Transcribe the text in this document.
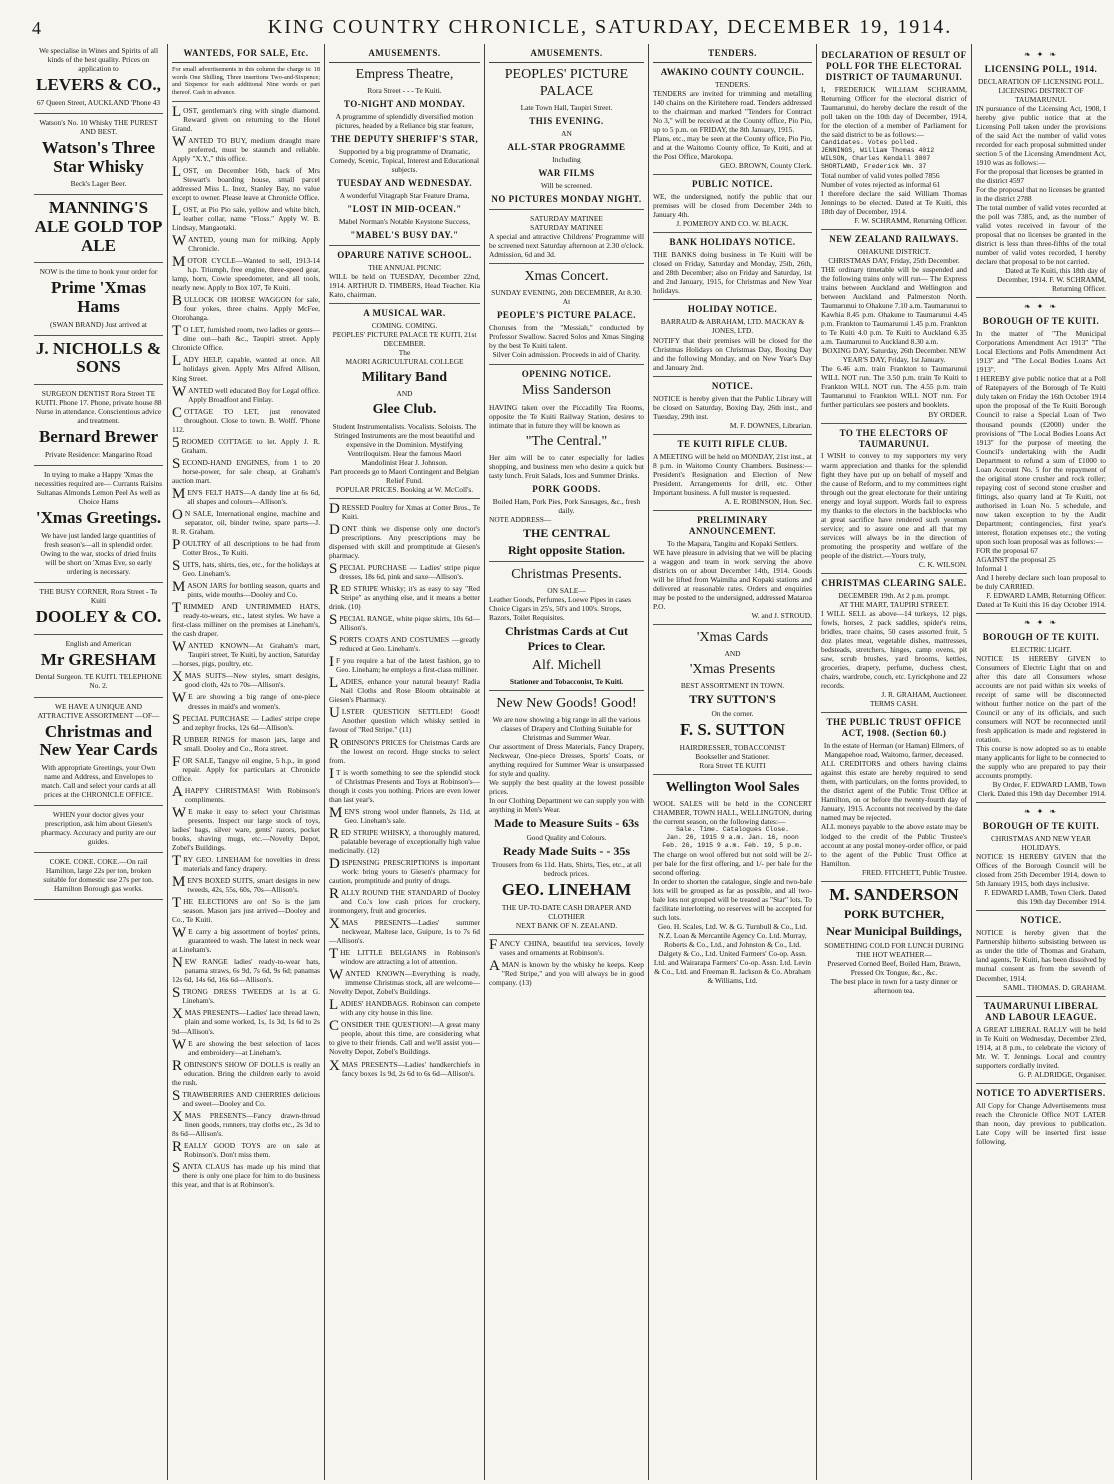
4	KING COUNTRY CHRONICLE, SATURDAY, DECEMBER 19, 1914.
We specialise in Wines and Spirits of all kinds of the best quality. Prices on application to
LEVERS & CO.,
67 Queen Street, AUCKLAND 'Phone 43
Watson's No. 10 Whisky THE PUREST AND BEST.
Watson's Three Star Whisky
Beck's Lager Beer.
MANNING'S ALE GOLD TOP ALE
NOW is the time to book your order for
Prime 'Xmas Hams
(SWAN BRAND) Just arrived at
J. NICHOLLS & SONS
SURGEON DENTIST Rora Street TE KUITI. Phone 17. Phone, private house 88 Nurse in attendance. Conscientious advice and treatment.
Bernard Brewer
Private Residence: Mangarino Road
In trying to make a Happy 'Xmas the necessities required are— Currants Raisins Sultanas Almonds Lemon Peel As well as Choice Hams
'Xmas Greetings.
We have just landed large quantities of fresh season's—all in splendid order. Owing to the war, stocks of dried fruits will be short on 'Xmas Eve, so early ordering is necessary.
THE BUSY CORNER, Rora Street - Te Kuiti
DOOLEY & CO.
English and American
Mr GRESHAM
Dental Surgeon. TE KUITI. TELEPHONE No. 2.
WE HAVE A UNIQUE AND ATTRACTIVE ASSORTMENT —OF—
Christmas and New Year Cards
With appropriate Greetings, your Own name and Address, and Envelopes to match. Call and select your cards at all prices at the CHRONICLE OFFICE.
WHEN your doctor gives your prescription, ask him about Giesen's pharmacy. Accuracy and purity are our guides.
COKE. COKE. COKE.—On rail Hamilton, large 22s per ton, broken suitable for domestic use 27s per ton. Hamilton Borough gas works.
WANTEDS, FOR SALE, Etc.
For small advertisements in this column the charge is: 18 words One Shilling, Three insertions Two-and-Sixpence; and Sixpence for each additional Nine words or part thereof. Cash in advance.
LOST, gentleman's ring with single diamond. Reward given on returning to the Hotel Grand.
WANTED TO BUY, medium draught mare preferred, must be staunch and reliable. Apply "X.Y.," this office.
LOST, on December 16th, back of Mrs Stewart's boarding house, small parcel addressed Miss L. Inez, Stanley Bay, no value except to owner. Please leave at Chronicle Office.
LOST, at Pio Pio sale, yellow and white bitch, leather collar, name "Floss." Apply W. B. Lindsay, Mangaotaki.
WANTED, young man for milking. Apply Chronicle.
MOTOR CYCLE—Wanted to sell, 1913-14 h.p. Triumph, free engine, three-speed gear, lamp, horn, Cowie speedometer, and all tools, nearly new. Apply to Box 107, Te Kuiti.
BULLOCK OR HORSE WAGGON for sale, four yokes, three chains. Apply McFee, Otorohanga.
TO LET, furnished room, two ladies or gents—dine out—bath &c., Taupiri street. Apply Chronicle Office.
LADY HELP, capable, wanted at once. All holidays given. Apply Mrs Alfred Allison, King Street.
WANTED well educated Boy for Legal office. Apply Broadfoot and Finlay.
COTTAGE TO LET, just renovated throughout. Close to town. B. Wolff. 'Phone 112.
5ROOMED COTTAGE to let. Apply J. R. Graham.
SECOND-HAND ENGINES, from 1 to 20 horse-power, for sale cheap, at Graham's auction mart.
MEN'S FELT HATS—A dandy line at 6s 6d, all shapes and colours—Allison's.
ON SALE, International engine, machine and separator, oil, binder twine, spare parts—J. R. R. Graham.
POULTRY of all descriptions to be had from Cotter Bros., Te Kuiti.
SUITS, hats, shirts, ties, etc., for the holidays at Geo. Lineham's.
MASON JARS for bottling season, quarts and pints, wide mouths—Dooley and Co.
TRIMMED AND UNTRIMMED HATS, ready-to-wears, etc., latest styles. We have a first-class milliner on the premises at Lineham's, the cash draper.
WANTED KNOWN—At Graham's mart, Taupiri street, Te Kuiti, by auction, Saturday—horses, pigs, poultry, etc.
XMAS SUITS—New styles, smart designs, good cloth, 42s to 70s—Allison's.
WE are showing a big range of one-piece dresses in maid's and women's.
SPECIAL PURCHASE — Ladies' stripe crepe and zephyr frocks, 12s 6d—Allison's.
RUBBER RINGS for mason jars, large and small. Dooley and Co., Rora street.
FOR SALE, Tangye oil engine, 5 h.p., in good repair. Apply for particulars at Chronicle Office.
AHAPPY CHRISTMAS! With Robinson's compliments.
WE make it easy to select your Christmas presents. Inspect our large stock of toys, ladies' bags, silver ware, gents' razors, pocket books, shaving mugs, etc.—Novelty Depot, Zobel's Buildings.
TRY GEO. LINEHAM for novelties in dress materials and fancy drapery.
MEN'S BOXED SUITS, smart designs in new tweeds, 42s, 55s, 60s, 70s—Allison's.
THE ELECTIONS are on! So is the jam season. Mason jars just arrived—Dooley and Co., Te Kuiti.
WE carry a big assortment of boyles' prints, guaranteed to wash. The latest in neck wear at Lineham's.
NEW RANGE ladies' ready-to-wear hats, panama straws, 6s 9d, 7s 6d, 9s 6d; panamas 12s 6d, 14s 6d, 16s 6d—Allison's.
STRONG DRESS TWEEDS at 1s at G. Lineham's.
XMAS PRESENTS—Ladies' lace thread lawn, plain and some worked, 1s, 1s 3d, 1s 6d to 2s 9d—Allison's.
WE are showing the best selection of laces and embroidery—at Lineham's.
ROBINSON'S SHOW OF DOLLS is really an education. Bring the children early to avoid the rush.
STRAWBERRIES AND CHERRIES delicious and sweet—Dooley and Co.
XMAS PRESENTS—Fancy drawn-thread linen goods, runners, tray cloths etc., 2s 3d to 8s 6d—Allison's.
REALLY GOOD TOYS are on sale at Robinson's. Don't miss them.
SANTA CLAUS has made up his mind that there is only one place for him to do business this year, and that is at Robinson's.
AMUSEMENTS.
Empress Theatre,
Rora Street - - - Te Kuiti.
TO-NIGHT AND MONDAY.
A programme of splendidly diversified motion pictures, headed by a Reliance big star feature,
THE DEPUTY SHERIFF'S STAR,
Supported by a big programme of Dramatic, Comedy, Scenic, Topical, Interest and Educational subjects.
TUESDAY AND WEDNESDAY.
A wonderful Vitagraph Star Feature Drama,
"LOST IN MID-OCEAN."
Mabel Norman's Notable Keystone Success,
"MABEL'S BUSY DAY."
OPARURE NATIVE SCHOOL.
THE ANNUAL PICNIC
WILL be held on TUESDAY, December 22nd, 1914. ARTHUR D. TIMBERS, Head Teacher. Kia Kato, chairman.
A MUSICAL WAR.
COMING. COMING.
PEOPLES' PICTURE PALACE TE KUITI, 21st DECEMBER.
The
MAORI AGRICULTURAL COLLEGE
Military Band
AND
Glee Club.
Student Instrumentalists. Vocalists. Soloists. The Stringed Instruments are the most beautiful and expensive in the Dominion. Mystifying Ventriloquism. Hear the famous Maori Mandolinist Hear J. Johnson.
Part proceeds go to Maori Contingent and Belgian Relief Fund.
POPULAR PRICES. Booking at W. McColl's.
DRESSED Poultry for Xmas at Cotter Bros., Te Kuiti.
DONT think we dispense only one doctor's prescriptions. Any prescriptions may be dispensed with skill and promptitude at Giesen's pharmacy.
SPECIAL PURCHASE — Ladies' stripe pique dresses, 18s 6d, pink and saxe—Allison's.
RED STRIPE Whisky; it's as easy to say "Red Stripe" as anything else, and it means a better drink. (10)
SPECIAL RANGE, white pique skirts, 10s 6d—Allison's.
SPORTS COATS AND COSTUMES —greatly reduced at Geo. Lineham's.
IF you require a hat of the latest fashion, go to Geo. Lineham; he employs a first-class milliner.
LADIES, enhance your natural beauty! Radia Nail Cloths and Rose Bloom obtainable at Giesen's Pharmacy.
ULSTER QUESTION SETTLED! Good! Another question which whisky settled in favour of "Red Stripe." (11)
ROBINSON'S PRICES for Christmas Cards are the lowest on record. Huge stocks to select from.
IT is worth something to see the splendid stock of Christmas Presents and Toys at Robinson's—though it costs you nothing. Prices are even lower than last year's.
MEN'S strong wool under flannels, 2s 11d, at Geo. Lineham's sale.
RED STRIPE WHISKY, a thoroughly matured, palatable beverage of exceptionally high value medicinally. (12)
DISPENSING PRESCRIPTIONS is important work: bring yours to Giesen's pharmacy for caution, promptitude and purity of drugs.
RALLY ROUND THE STANDARD of Dooley and Co.'s low cash prices for crockery, ironmongery, fruit and groceries.
XMAS PRESENTS—Ladies' summer neckwear, Maltese lace, Guipure, 1s to 7s 6d—Allison's.
THE LITTLE BELGIANS in Robinson's window are attracting a lot of attention.
WANTED KNOWN—Everything is ready, immense Christmas stock, all are welcome—Novelty Depot, Zobel's Buildings.
LADIES' HANDBAGS. Robinson can compete with any city house in this line.
CONSIDER THE QUESTION!—A great many people, about this time, are considering what to give to their friends. Call and we'll assist you—Novelty Depot, Zobel's Buildings.
XMAS PRESENTS—Ladies' handkerchiefs in fancy boxes 1s 9d, 2s 6d to 6s 6d—Allison's.
AMUSEMENTS.
PEOPLES' PICTURE PALACE
Late Town Hall, Taupiri Street.
THIS EVENING.
AN
ALL-STAR PROGRAMME
Including
WAR FILMS
Will be screened.
NO PICTURES MONDAY NIGHT.
SATURDAY MATINEE
SATURDAY MATINEE
A special and attractive Childrens' Programme will be screened next Saturday afternoon at 2.30 o'clock. Admission, 6d and 3d.
Xmas Concert.
SUNDAY EVENING, 20th DECEMBER, At 8.30. At
PEOPLE'S PICTURE PALACE.
Choruses from the "Messiah," conducted by Professor Swallow. Sacred Solos and Xmas Singing by the best Te Kuiti talent.
Silver Coin admission. Proceeds in aid of Charity.
OPENING NOTICE.
Miss Sanderson
HAVING taken over the Piccadilly Tea Rooms, opposite the Te Kuiti Railway Station, desires to intimate that in future they will be known as
"The Central."
Her aim will be to cater especially for ladies shopping, and business men who desire a quick but tasty lunch. Fruit Salads, Ices and Summer Drinks.
PORK GOODS.
Boiled Ham, Pork Pies, Pork Sausages, &c., fresh daily.
NOTE ADDRESS—
THE CENTRAL
Right opposite Station.
Christmas Presents.
ON SALE—
Leather Goods, Perfumes, Loewe Pipes in cases Choice Cigars in 25's, 50's and 100's. Strops, Razors, Toilet Requisites.
Christmas Cards at Cut Prices to Clear.
Alf. Michell
Stationer and Tobacconist, Te Kuiti.
New New Goods! Good!
We are now showing a big range in all the various classes of Drapery and Clothing Suitable for Christmas and Summer Wear.
Our assortment of Dress Materials, Fancy Drapery, Neckwear, One-piece Dresses, Sports' Coats, or anything required for Summer Wear is unsurpassed for style and quality.
We supply the best quality at the lowest possible prices.
In our Clothing Department we can supply you with anything in Men's Wear.
Made to Measure Suits - 63s
Good Quality and Colours.
Ready Made Suits - - 35s
Trousers from 6s 11d. Hats, Shirts, Ties, etc., at all bedrock prices.
GEO. LINEHAM
THE UP-TO-DATE CASH DRAPER AND CLOTHIER
NEXT BANK OF N. ZEALAND.
FANCY CHINA, beautiful tea services, lovely vases and ornaments at Robinson's.
AMAN is known by the whisky he keeps. Keep "Red Stripe," and you will always be in good company. (13)
TENDERS.
AWAKINO COUNTY COUNCIL.
TENDERS.
TENDERS are invited for trimming and metalling 140 chains on the Kiritehere road. Tenders addressed to the chairman and marked "Tenders for Contract No 3," will be received at the County office, Pio Pio, up to 5 p.m. on FRIDAY, the 8th January, 1915.
Plans, etc., may be seen at the County office, Pio Pio, and at the Waitomo County office, Te Kuiti, and at the Post Office, Marokopa.
GEO. BROWN, County Clerk.
PUBLIC NOTICE.
WE, the undersigned, notify the public that our premises will be closed from December 24th to January 4th.
J. POMEROY AND CO. W. BLACK.
BANK HOLIDAYS NOTICE.
THE BANKS doing business in Te Kuiti will be closed on Friday, Saturday and Monday, 25th, 26th, and 28th December; also on Friday and Saturday, 1st and 2nd January, 1915, for Christmas and New Year holidays.
HOLIDAY NOTICE.
BARRAUD & ABRAHAM, LTD. MACKAY & JONES, LTD.
NOTIFY that their premises will be closed for the Christmas Holidays on Christmas Day, Boxing Day and the following Monday, and on New Year's Day and January 2nd.
NOTICE.
NOTICE is hereby given that the Public Library will be closed on Saturday, Boxing Day, 26th inst., and Tuesday, 29th inst.
M. F. DOWNES, Librarian.
TE KUITI RIFLE CLUB.
A MEETING will be held on MONDAY, 21st inst., at 8 p.m. in Waitomo County Chambers. Business:—President's Resignation and Election of New President. Arrangements for drill, etc. Other Important business. A full muster is requested.
A. E. ROBINSON, Hon. Sec.
PRELIMINARY ANNOUNCEMENT.
To the Mapara, Tangitu and Kopaki Settlers.
WE have pleasure in advising that we will be placing a waggon and team in work serving the above districts on or about December 14th, 1914. Goods will be lifted from Waimiha and Kopaki stations and delivered at reasonable rates. Orders and enquiries may be posted to the undersigned, addressed Mataroa P.O.
W. and J. STROUD.
'Xmas Cards
AND
'Xmas Presents
BEST ASSORTMENT IN TOWN.
TRY SUTTON'S
On the corner.
F. S. SUTTON
HAIRDRESSER, TOBACCONIST
Bookseller and Stationer.
Rora Street TE KUITI
Wellington Wool Sales
WOOL SALES will be held in the CONCERT CHAMBER, TOWN HALL, WELLINGTON, during the current season, on the following dates:—
Sale. Time. Catalogues Close.
Jan. 26, 1915 9 a.m. Jan. 16, noon
Feb. 26, 1915 9 a.m. Feb. 19, 5 p.m.
The charge on wool offered but not sold will be 2/- per bale for the first offering, and 1/- per bale for the second offering.
In order to shorten the catalogue, single and two-bale lots will be grouped as far as possible, and all two-bale lots not grouped will be treated as "Star" lots. To facilitate interlotting, no reserves will be accepted for such lots.
Geo. H. Scales, Ltd. W. & G. Turnbull & Co., Ltd. N.Z. Loan & Mercantile Agency Co. Ltd. Murray, Roberts & Co., Ltd., and Johnston & Co., Ltd. Dalgety & Co., Ltd. United Farmers' Co-op. Assn. Ltd. and Wairarapa Farmers' Co-op. Assn. Ltd. Levin & Co., Ltd. and Freeman R. Jackson & Co. Abraham & Williams, Ltd.
DECLARATION OF RESULT OF POLL FOR THE ELECTORAL DISTRICT OF TAUMARUNUI.
I, FREDERICK WILLIAM SCHRAMM, Returning Officer for the electoral district of Taumarunui, do hereby declare the result of the poll taken on the 10th day of December, 1914, for the election of a member of Parliament for the said district to be as follows:—
Candidates. Votes polled.
JENNINGS, William Thomas 4012
WILSON, Charles Kendall 3807
SHORTLAND, Frederick Wm. 37
Total number of valid votes polled 7856
Number of votes rejected as informal 61
I therefore declare the said William Thomas Jennings to be elected. Dated at Te Kuiti, this 18th day of December, 1914.
F. W. SCHRAMM, Returning Officer.
NEW ZEALAND RAILWAYS.
OHAKUNE DISTRICT.
CHRISTMAS DAY, Friday, 25th December.
THE ordinary timetable will be suspended and the following trains only will run— The Express trains between Auckland and Wellington and between Auckland and Palmerston North. Taumarunui to Ohakune 7.10 a.m. Taumarunui to Kawhia 8.45 p.m. Ohakune to Taumarunui 4.45 p.m. Frankton to Taumarunui 1.45 p.m. Frankton to Te Kuiti 4.0 p.m. Te Kuiti to Auckland 6.35 a.m. Taumarunui to Auckland 8.30 a.m.
BOXING DAY, Saturday, 26th December. NEW YEAR'S DAY, Friday, 1st January.
The 6.46 a.m. train Frankton to Taumarunui WILL NOT run. The 3.50 p.m. train Te Kuiti to Frankton WILL NOT run. The 4.55 p.m. train Taumarunui to Frankton WILL NOT run. For further particulars see posters and booklets.
BY ORDER.
TO THE ELECTORS OF TAUMARUNUI.
I WISH to convey to my supporters my very warm appreciation and thanks for the splendid fight they have put up on behalf of myself and the cause of Reform, and to my committees right through out the great electorate for their untiring energy and loyal support. Words fail to express my thanks to the electors in the backblocks who at great sacrifice have rendered such yeoman service; and to assure one and all that my services will always be in the direction of promoting the prosperity and welfare of the people of the district.—Yours truly,
C. K. WILSON.
CHRISTMAS CLEARING SALE.
DECEMBER 19th. At 2 p.m. prompt.
AT THE MART, TAUPIRI STREET.
I WILL SELL as above—14 turkeys, 12 pigs, fowls, horses, 2 pack saddles, spider's reins, bridles, trace chains, 50 cases assorted fruit, 5 doz plates meat, vegetable dishes, mattresses, bedsteads, stretchers, hinges, camp ovens, pit saw, scrub brushes, yard brooms, kettles, groceries, drapery, perfume, duchess chest, chairs, wardrobe, couch, etc. Lyrickphone and 22 records.
J. R. GRAHAM, Auctioneer.
TERMS CASH.
THE PUBLIC TRUST OFFICE ACT, 1908. (Section 60.)
In the estate of Herman (or Haman) Ellmers, of Mangapehoe road, Waitomo, farmer, deceased.
ALL CREDITORS and others having claims against this estate are hereby required to send them, with particulars, on the forms provided, to the district agent of the Public Trust Office at Hamilton, on or before the twenty-fourth day of January, 1915. Accounts not received by the date named may be rejected.
ALL moneys payable to the above estate may be lodged to the credit of the Public Trustee's account at any postal money-order office, or paid to the agent of the Public Trust Office at Hamilton.
FRED. FITCHETT, Public Trustee.
M. SANDERSON
PORK BUTCHER,
Near Municipal Buildings,
SOMETHING COLD FOR LUNCH DURING THE HOT WEATHER—
Preserved Corned Beef, Boiled Ham, Brawn, Pressed Ox Tongue, &c., &c.
The best place in town for a tasty dinner or afternoon tea.
❧ ✦ ❧
LICENSING POLL, 1914.
DECLARATION OF LICENSING POLL.
LICENSING DISTRICT OF TAUMARUNUI.
IN pursuance of the Licensing Act, 1908, I hereby give public notice that at the Licensing Poll taken under the provisions of the said Act the number of valid votes recorded for each proposal submitted under section 5 of the Licensing Amendment Act, 1910 was as follows:—
For the proposal that licenses be granted in the district 4597
For the proposal that no licenses be granted in the district 2788
The total number of valid votes recorded at the poll was 7385, and, as the number of valid votes received in favour of the proposal that no licenses be granted in the district is less than three-fifths of the total number of valid votes recorded, I hereby declare that proposal to be not carried.
Dated at Te Kuiti, this 18th day of December, 1914. F. W. SCHRAMM, Returning Officer.
❧ ✦ ❧
BOROUGH OF TE KUITI.
In the matter of "The Municipal Corporations Amendment Act 1913" "The Local Elections and Polls Amendment Act 1913" and "The Local Bodies Loans Act 1913".
I HEREBY give public notice that at a Poll of Ratepayers of the Borough of Te Kuiti duly taken on Friday the 16th October 1914 upon the proposal of the Te Kuiti Borough Council to raise a Special Loan of Two thousand pounds (£2000) under the provisions of "The Local Bodies Loans Act 1913" for the purpose of meeting the Council's undertaking with the Audit Department to refund a sum of £1000 to Loan Account No. 5 for the repayment of the original stone crusher and rock roller; repaying cost of second stone crusher and fittings, also quarry land at Te Kuiti, not authorised in Loan No. 5 schedule, and now taken exception to by the Audit Department; contingencies, first year's interest, flotation expenses etc.; the voting upon such loan proposal was as follows:—
FOR the proposal 67
AGAINST the proposal 25
Informal 1
And I hereby declare such loan proposal to be duly CARRIED.
F. EDWARD LAMB, Returning Officer. Dated at Te Kuiti this 16 day October 1914.
❧ ✦ ❧
BOROUGH OF TE KUITI.
ELECTRIC LIGHT.
NOTICE IS HEREBY GIVEN to Consumers of Electric Light that on and after this date all Consumers whose accounts are not paid within six weeks of receipt of same will be disconnected without further notice on the part of the Council or any of its officials, and such consumers will NOT be reconnected until fresh application is made and registered in rotation.
This course is now adopted so as to enable many applicants for light to be connected to the supply who are prepared to pay their accounts promptly.
By Order, F. EDWARD LAMB, Town Clerk. Dated this 19th day December 1914.
❧ ✦ ❧
BOROUGH OF TE KUITI.
CHRISTMAS AND NEW YEAR HOLIDAYS.
NOTICE IS HEREBY GIVEN that the Offices of the Borough Council will be closed from 25th December 1914, down to 5th January 1915, both days inclusive.
F. EDWARD LAMB, Town Clerk. Dated this 19th day December 1914.
NOTICE.
NOTICE is hereby given that the Partnership hitherto subsisting between us as under the title of Thomas and Graham, land agents, Te Kuiti, has been dissolved by mutual consent as from the seventh of December, 1914.
SAML. THOMAS. D. GRAHAM.
TAUMARUNUI LIBERAL AND LABOUR LEAGUE.
A GREAT LIBERAL RALLY will be held in Te Kuiti on Wednesday, December 23rd, 1914, at 8 p.m., to celebrate the victory of Mr. W. T. Jennings. Local and country supporters cordially invited.
G. P. ALDRIDGE, Organiser.
NOTICE TO ADVERTISERS.
All Copy for Change Advertisements must reach the Chronicle Office NOT LATER than noon, day previous to publication. Late Copy will be inserted first issue following.
